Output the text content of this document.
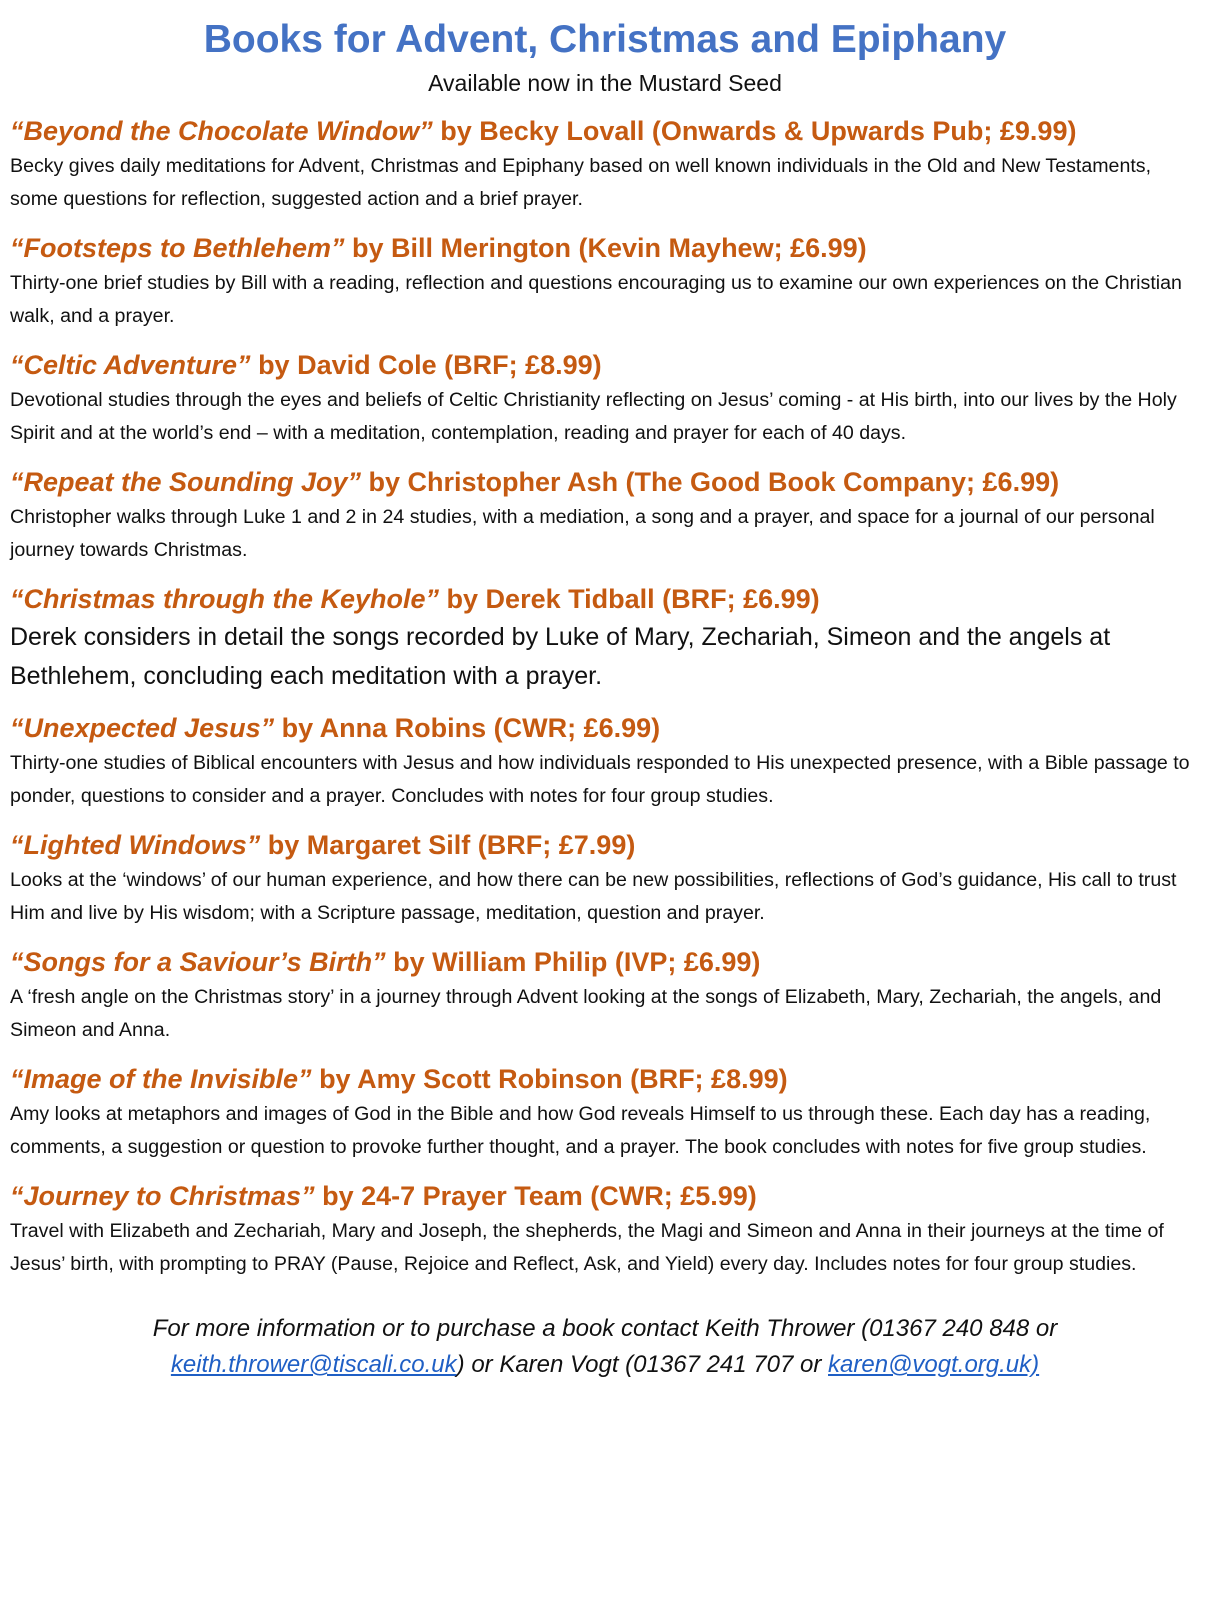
Books for Advent, Christmas and Epiphany

Available now in the Mustard Seed

“Beyond the Chocolate Window” by Becky Lovall (Onwards & Upwards Pub; £9.99)

Becky gives daily meditations for Advent, Christmas and Epiphany based on well known individuals in the Old and New Testaments, some questions for reflection, suggested action and a brief prayer.

“Footsteps to Bethlehem” by Bill Merington (Kevin Mayhew; £6.99)

Thirty-one brief studies by Bill with a reading, reflection and questions encouraging us to examine our own experiences on the Christian walk, and a prayer.

“Celtic Adventure” by David Cole (BRF; £8.99)

Devotional studies through the eyes and beliefs of Celtic Christianity reflecting on Jesus’ coming - at His birth, into our lives by the Holy Spirit and at the world’s end – with a meditation, contemplation, reading and prayer for each of 40 days.

“Repeat the Sounding Joy” by Christopher Ash (The Good Book Company; £6.99)

Christopher walks through Luke 1 and 2 in 24 studies, with a mediation, a song and a prayer, and space for a journal of our personal journey towards Christmas.

“Christmas through the Keyhole” by Derek Tidball (BRF; £6.99)

Derek considers in detail the songs recorded by Luke of Mary, Zechariah, Simeon and the angels at Bethlehem, concluding each meditation with a prayer.

“Unexpected Jesus” by Anna Robins (CWR; £6.99)

Thirty-one studies of Biblical encounters with Jesus and how individuals responded to His unexpected presence, with a Bible passage to ponder, questions to consider and a prayer. Concludes with notes for four group studies.

“Lighted Windows” by Margaret Silf (BRF; £7.99)

Looks at the ‘windows’ of our human experience, and how there can be new possibilities, reflections of God’s guidance, His call to trust Him and live by His wisdom; with a Scripture passage, meditation, question and prayer.

“Songs for a Saviour’s Birth” by William Philip (IVP; £6.99)

A ‘fresh angle on the Christmas story’ in a journey through Advent looking at the songs of Elizabeth, Mary, Zechariah, the angels, and Simeon and Anna.

“Image of the Invisible” by Amy Scott Robinson (BRF; £8.99)

Amy looks at metaphors and images of God in the Bible and how God reveals Himself to us through these. Each day has a reading, comments, a suggestion or question to provoke further thought, and a prayer. The book concludes with notes for five group studies.

“Journey to Christmas” by 24-7 Prayer Team (CWR; £5.99)

Travel with Elizabeth and Zechariah, Mary and Joseph, the shepherds, the Magi and Simeon and Anna in their journeys at the time of Jesus’ birth, with prompting to PRAY (Pause, Rejoice and Reflect, Ask, and Yield) every day. Includes notes for four group studies.

For more information or to purchase a book contact Keith Thrower (01367 240 848 or keith.thrower@tiscali.co.uk) or Karen Vogt (01367 241 707 or karen@vogt.org.uk)
